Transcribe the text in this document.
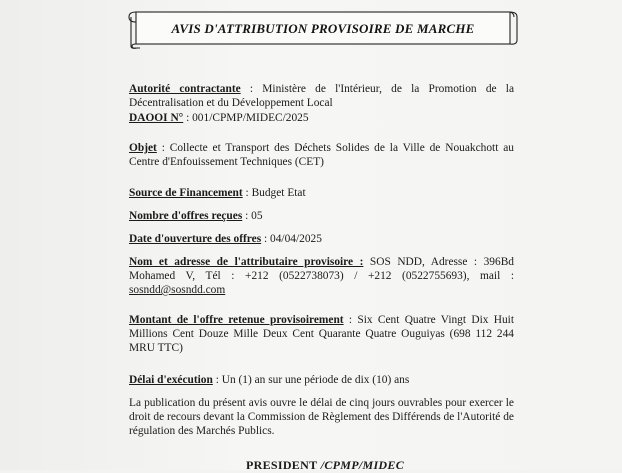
AVIS D'ATTRIBUTION PROVISOIRE DE MARCHE
Autorité contractante : Ministère de l'Intérieur, de la Promotion de la Décentralisation et du Développement Local
DAOOI N° : 001/CPMP/MIDEC/2025
Objet : Collecte et Transport des Déchets Solides de la Ville de Nouakchott au Centre d'Enfouissement Techniques (CET)
Source de Financement : Budget Etat
Nombre d'offres reçues : 05
Date d'ouverture des offres : 04/04/2025
Nom et adresse de l'attributaire provisoire : SOS NDD, Adresse : 396Bd Mohamed V, Tél : +212 (0522738073) / +212 (0522755693), mail : sosndd@sosndd.com
Montant de l'offre retenue provisoirement : Six Cent Quatre Vingt Dix Huit Millions Cent Douze Mille Deux Cent Quarante Quatre Ouguiyas (698 112 244 MRU TTC)
Délai d'exécution : Un (1) an sur une période de dix (10) ans
La publication du présent avis ouvre le délai de cinq jours ouvrables pour exercer le droit de recours devant la Commission de Règlement des Différends de l'Autorité de régulation des Marchés Publics.
PRESIDENT /CPMP/MIDEC
